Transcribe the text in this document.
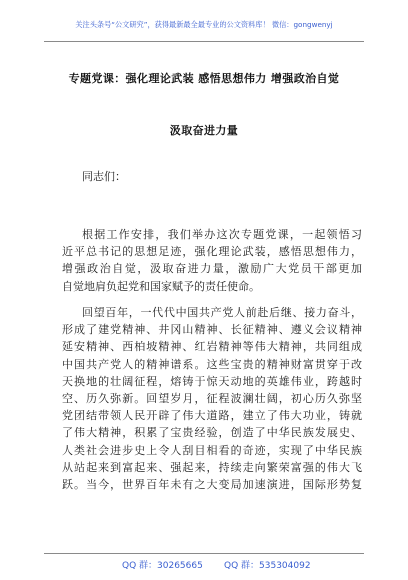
关注头条号“公文研究”，获得最新最全最专业的公文资料库！ 微信：gongwenyj
专题党课：强化理论武装 感悟思想伟力 增强政治自觉
汲取奋进力量
同志们：
根据工作安排，我们举办这次专题党课，一起领悟习
近平总书记的思想足迹，强化理论武装，感悟思想伟力，
增强政治自觉，汲取奋进力量，激励广大党员干部更加
自觉地肩负起党和国家赋予的责任使命。
回望百年，一代代中国共产党人前赴后继、接力奋斗，
形成了建党精神、井冈山精神、长征精神、遵义会议精神
延安精神、西柏坡精神、红岩精神等伟大精神，共同组成
中国共产党人的精神谱系。这些宝贵的精神财富贯穿于改
天换地的壮阔征程，熔铸于惊天动地的英雄伟业，跨越时
空、历久弥新。回望岁月，征程波澜壮阔，初心历久弥坚
党团结带领人民开辟了伟大道路，建立了伟大功业，铸就
了伟大精神，积累了宝贵经验，创造了中华民族发展史、
人类社会进步史上令人刮目相看的奇迹，实现了中华民族
从站起来到富起来、强起来，持续走向繁荣富强的伟大飞
跃。当今，世界百年未有之大变局加速演进，国际形势复
QQ 群：30265665 QQ 群：535304092
